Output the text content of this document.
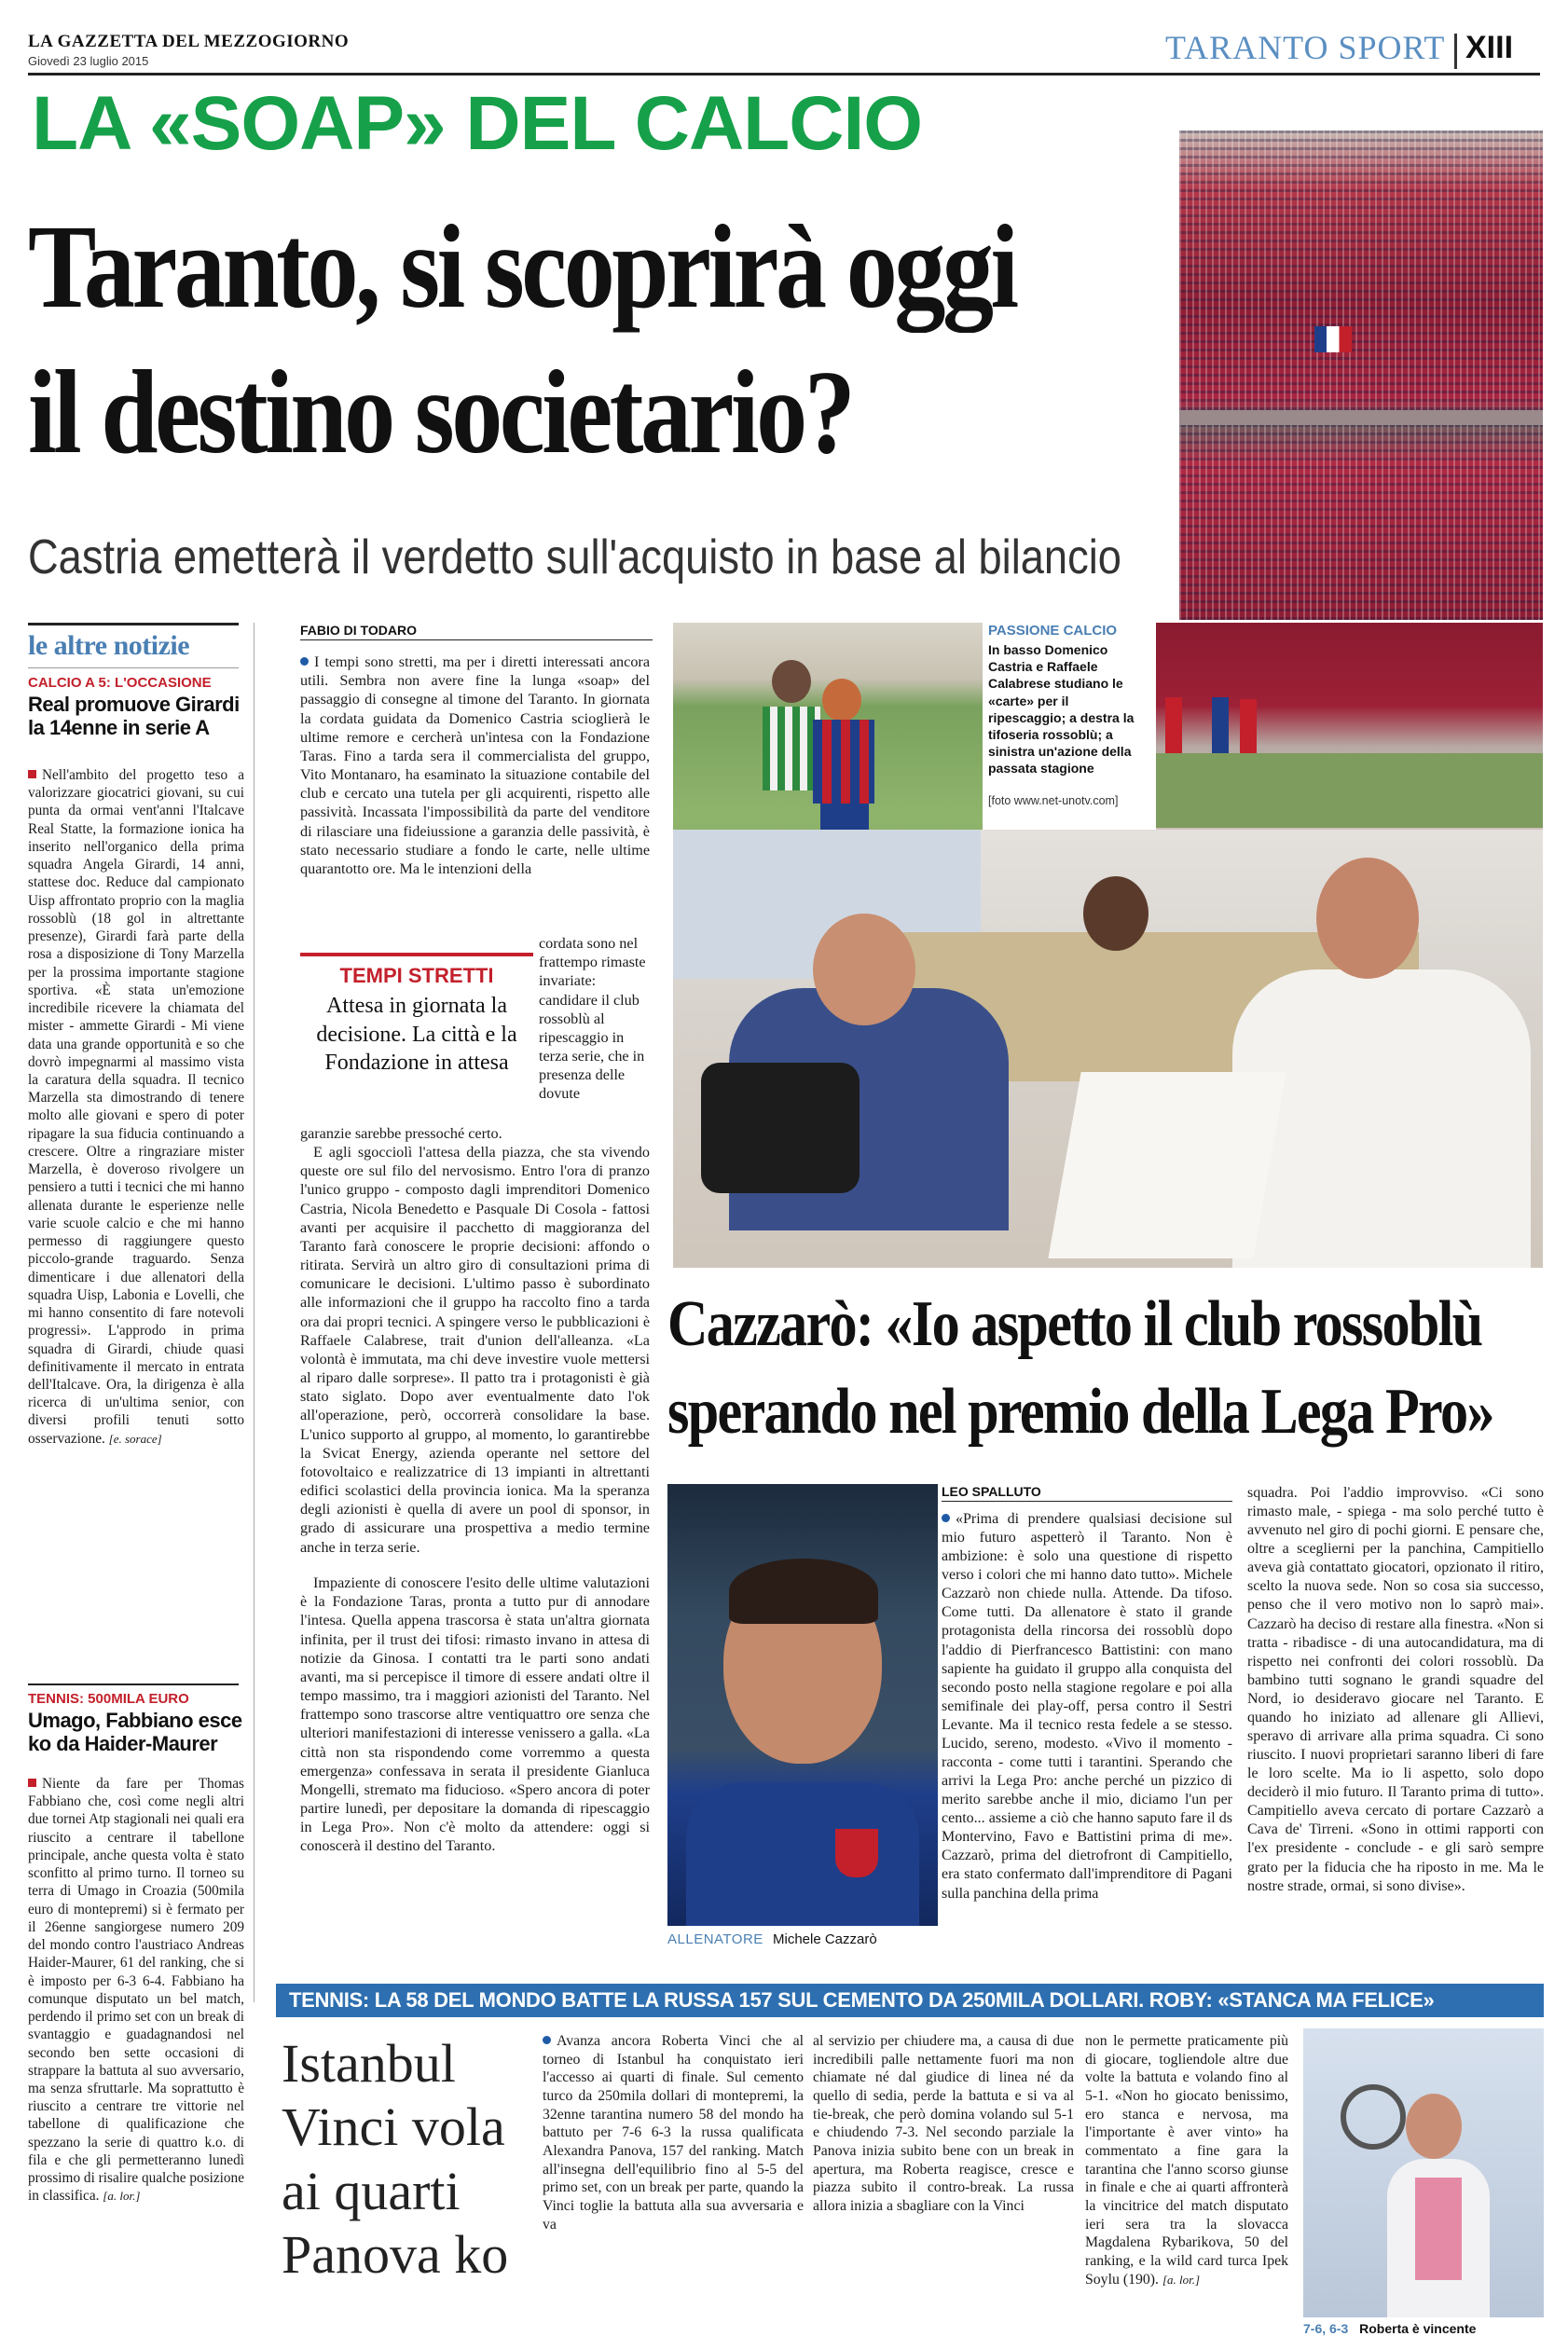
LA GAZZETTA DEL MEZZOGIORNO
Giovedì 23 luglio 2015	TARANTO SPORT XIII
LA «SOAP» DEL CALCIO
Taranto, si scoprirà oggi
il destino societario?
Castria emetterà il verdetto sull'acquisto in base al bilancio
le altre notizie
CALCIO A 5: L'OCCASIONE
Real promuove Girardi la 14enne in serie A
Nell'ambito del progetto teso a valorizzare giocatrici giovani, su cui punta da ormai vent'anni l'Italcave Real Statte, la formazione ionica ha inserito nell'organico della prima squadra Angela Girardi, 14 anni, stattese doc. Reduce dal campionato Uisp affrontato proprio con la maglia rossoblù (18 gol in altrettante presenze), Girardi farà parte della rosa a disposizione di Tony Marzella per la prossima importante stagione sportiva. «È stata un'emozione incredibile ricevere la chiamata del mister - ammette Girardi - Mi viene data una grande opportunità e so che dovrò impegnarmi al massimo vista la caratura della squadra. Il tecnico Marzella sta dimostrando di tenere molto alle giovani e spero di poter ripagare la sua fiducia continuando a crescere. Oltre a ringraziare mister Marzella, è doveroso rivolgere un pensiero a tutti i tecnici che mi hanno allenata durante le esperienze nelle varie scuole calcio e che mi hanno permesso di raggiungere questo piccolo-grande traguardo. Senza dimenticare i due allenatori della squadra Uisp, Labonia e Lovelli, che mi hanno consentito di fare notevoli progressi». L'approdo in prima squadra di Girardi, chiude quasi definitivamente il mercato in entrata dell'Italcave. Ora, la dirigenza è alla ricerca di un'ultima senior, con diversi profili tenuti sotto osservazione. [e. sorace]
TENNIS: 500MILA EURO
Umago, Fabbiano esce ko da Haider-Maurer
Niente da fare per Thomas Fabbiano che, così come negli altri due tornei Atp stagionali nei quali era riuscito a centrare il tabellone principale, anche questa volta è stato sconfitto al primo turno. Il torneo su terra di Umago in Croazia (500mila euro di montepremi) si è fermato per il 26enne sangiorgese numero 209 del mondo contro l'austriaco Andreas Haider-Maurer, 61 del ranking, che si è imposto per 6-3 6-4. Fabbiano ha comunque disputato un bel match, perdendo il primo set con un break di svantaggio e guadagnandosi nel secondo ben sette occasioni di strappare la battuta al suo avversario, ma senza sfruttarle. Ma soprattutto è riuscito a centrare tre vittorie nel tabellone di qualificazione che spezzano la serie di quattro k.o. di fila e che gli permetteranno lunedì prossimo di risalire qualche posizione in classifica. [a. lor.]
FABIO DI TODARO
I tempi sono stretti, ma per i diretti interessati ancora utili. Sembra non avere fine la lunga «soap» del passaggio di consegne al timone del Taranto. In giornata la cordata guidata da Domenico Castria scioglierà le ultime remore e cercherà un'intesa con la Fondazione Taras. Fino a tarda sera il commercialista del gruppo, Vito Montanaro, ha esaminato la situazione contabile del club e cercato una tutela per gli acquirenti, rispetto alle passività. Incassata l'impossibilità da parte del venditore di rilasciare una fideiussione a garanzia delle passività, è stato necessario studiare a fondo le carte, nelle ultime quarantotto ore. Ma le intenzioni della
TEMPI STRETTI
Attesa in giornata la decisione. La città e la Fondazione in attesa
cordata sono nel frattempo rimaste invariate: candidare il club rossoblù al ripescaggio in terza serie, che in presenza delle dovute
garanzie sarebbe pressoché certo.
E agli sgocciolì l'attesa della piazza, che sta vivendo queste ore sul filo del nervosismo. Entro l'ora di pranzo l'unico gruppo - composto dagli imprenditori Domenico Castria, Nicola Benedetto e Pasquale Di Cosola - fattosi avanti per acquisire il pacchetto di maggioranza del Taranto farà conoscere le proprie decisioni: affondo o ritirata. Servirà un altro giro di consultazioni prima di comunicare le decisioni. L'ultimo passo è subordinato alle informazioni che il gruppo ha raccolto fino a tarda ora dai propri tecnici. A spingere verso le pubblicazioni è Raffaele Calabrese, trait d'union dell'alleanza. «La volontà è immutata, ma chi deve investire vuole mettersi al riparo dalle sorprese». Il patto tra i protagonisti è già stato siglato. Dopo aver eventualmente dato l'ok all'operazione, però, occorrerà consolidare la base. L'unico supporto al gruppo, al momento, lo garantirebbe la Svicat Energy, azienda operante nel settore del fotovoltaico e realizzatrice di 13 impianti in altrettanti edifici scolastici della provincia ionica. Ma la speranza degli azionisti è quella di avere un pool di sponsor, in grado di assicurare una prospettiva a medio termine anche in terza serie.
Impaziente di conoscere l'esito delle ultime valutazioni è la Fondazione Taras, pronta a tutto pur di annodare l'intesa. Quella appena trascorsa è stata un'altra giornata infinita, per il trust dei tifosi: rimasto invano in attesa di notizie da Ginosa. I contatti tra le parti sono andati avanti, ma si percepisce il timore di essere andati oltre il tempo massimo, tra i maggiori azionisti del Taranto. Nel frattempo sono trascorse altre ventiquattro ore senza che ulteriori manifestazioni di interesse venissero a galla. «La città non sta rispondendo come vorremmo a questa emergenza» confessava in serata il presidente Gianluca Mongelli, stremato ma fiducioso. «Spero ancora di poter partire lunedì, per depositare la domanda di ripescaggio in Lega Pro». Non c'è molto da attendere: oggi si conoscerà il destino del Taranto.
PASSIONE CALCIO
In basso Domenico Castria e Raffaele Calabrese studiano le «carte» per il ripescaggio; a destra la tifoseria rossoblù; a sinistra un'azione della passata stagione
[foto www.net-unotv.com]
Cazzarò: «Io aspetto il club rossoblù
sperando nel premio della Lega Pro»
ALLENATORE Michele Cazzarò
LEO SPALLUTO
«Prima di prendere qualsiasi decisione sul mio futuro aspetterò il Taranto. Non è ambizione: è solo una questione di rispetto verso i colori che mi hanno dato tutto». Michele Cazzarò non chiede nulla. Attende. Da tifoso. Come tutti. Da allenatore è stato il grande protagonista della rincorsa dei rossoblù dopo l'addio di Pierfrancesco Battistini: con mano sapiente ha guidato il gruppo alla conquista del secondo posto nella stagione regolare e poi alla semifinale dei play-off, persa contro il Sestri Levante. Ma il tecnico resta fedele a se stesso. Lucido, sereno, modesto. «Vivo il momento - racconta - come tutti i tarantini. Sperando che arrivi la Lega Pro: anche perché un pizzico di merito sarebbe anche il mio, diciamo l'un per cento... assieme a ciò che hanno saputo fare il ds Montervino, Favo e Battistini prima di me». Cazzarò, prima del dietrofront di Campitiello, era stato confermato dall'imprenditore di Pagani sulla panchina della prima
squadra. Poi l'addio improvviso. «Ci sono rimasto male, - spiega - ma solo perché tutto è avvenuto nel giro di pochi giorni. E pensare che, oltre a sceglierni per la panchina, Campitiello aveva già contattato giocatori, opzionato il ritiro, scelto la nuova sede. Non so cosa sia successo, penso che il vero motivo non lo saprò mai». Cazzarò ha deciso di restare alla finestra. «Non si tratta - ribadisce - di una autocandidatura, ma di rispetto nei confronti dei colori rossoblù. Da bambino tutti sognano le grandi squadre del Nord, io desideravo giocare nel Taranto. E quando ho iniziato ad allenare gli Allievi, speravo di arrivare alla prima squadra. Ci sono riuscito. I nuovi proprietari saranno liberi di fare le loro scelte. Ma io li aspetto, solo dopo deciderò il mio futuro. Il Taranto prima di tutto». Campitiello aveva cercato di portare Cazzarò a Cava de' Tirreni. «Sono in ottimi rapporti con l'ex presidente - conclude - e gli sarò sempre grato per la fiducia che ha riposto in me. Ma le nostre strade, ormai, si sono divise».
TENNIS: LA 58 DEL MONDO BATTE LA RUSSA 157 SUL CEMENTO DA 250MILA DOLLARI. ROBY: «STANCA MA FELICE»
Istanbul Vinci vola ai quarti Panova ko
Avanza ancora Roberta Vinci che al torneo di Istanbul ha conquistato ieri l'accesso ai quarti di finale. Sul cemento turco da 250mila dollari di montepremi, la 32enne tarantina numero 58 del mondo ha battuto per 7-6 6-3 la russa qualificata Alexandra Panova, 157 del ranking. Match all'insegna dell'equilibrio fino al 5-5 del primo set, con un break per parte, quando la Vinci toglie la battuta alla sua avversaria e va
al servizio per chiudere ma, a causa di due incredibili palle nettamente fuori ma non chiamate né dal giudice di linea né da quello di sedia, perde la battuta e si va al tie-break, che però domina volando sul 5-1 e chiudendo 7-3. Nel secondo parziale la Panova inizia subito bene con un break in apertura, ma Roberta reagisce, cresce e piazza subito il contro-break. La russa allora inizia a sbagliare con la Vinci
non le permette praticamente più di giocare, togliendole altre due volte la battuta e volando fino al 5-1. «Non ho giocato benissimo, ero stanca e nervosa, ma l'importante è aver vinto» ha commentato a fine gara la tarantina che l'anno scorso giunse in finale e che ai quarti affronterà la vincitrice del match disputato ieri sera tra la slovacca Magdalena Rybarikova, 50 del ranking, e la wild card turca Ipek Soylu (190). [a. lor.]
7-6, 6-3 Roberta è vincente
